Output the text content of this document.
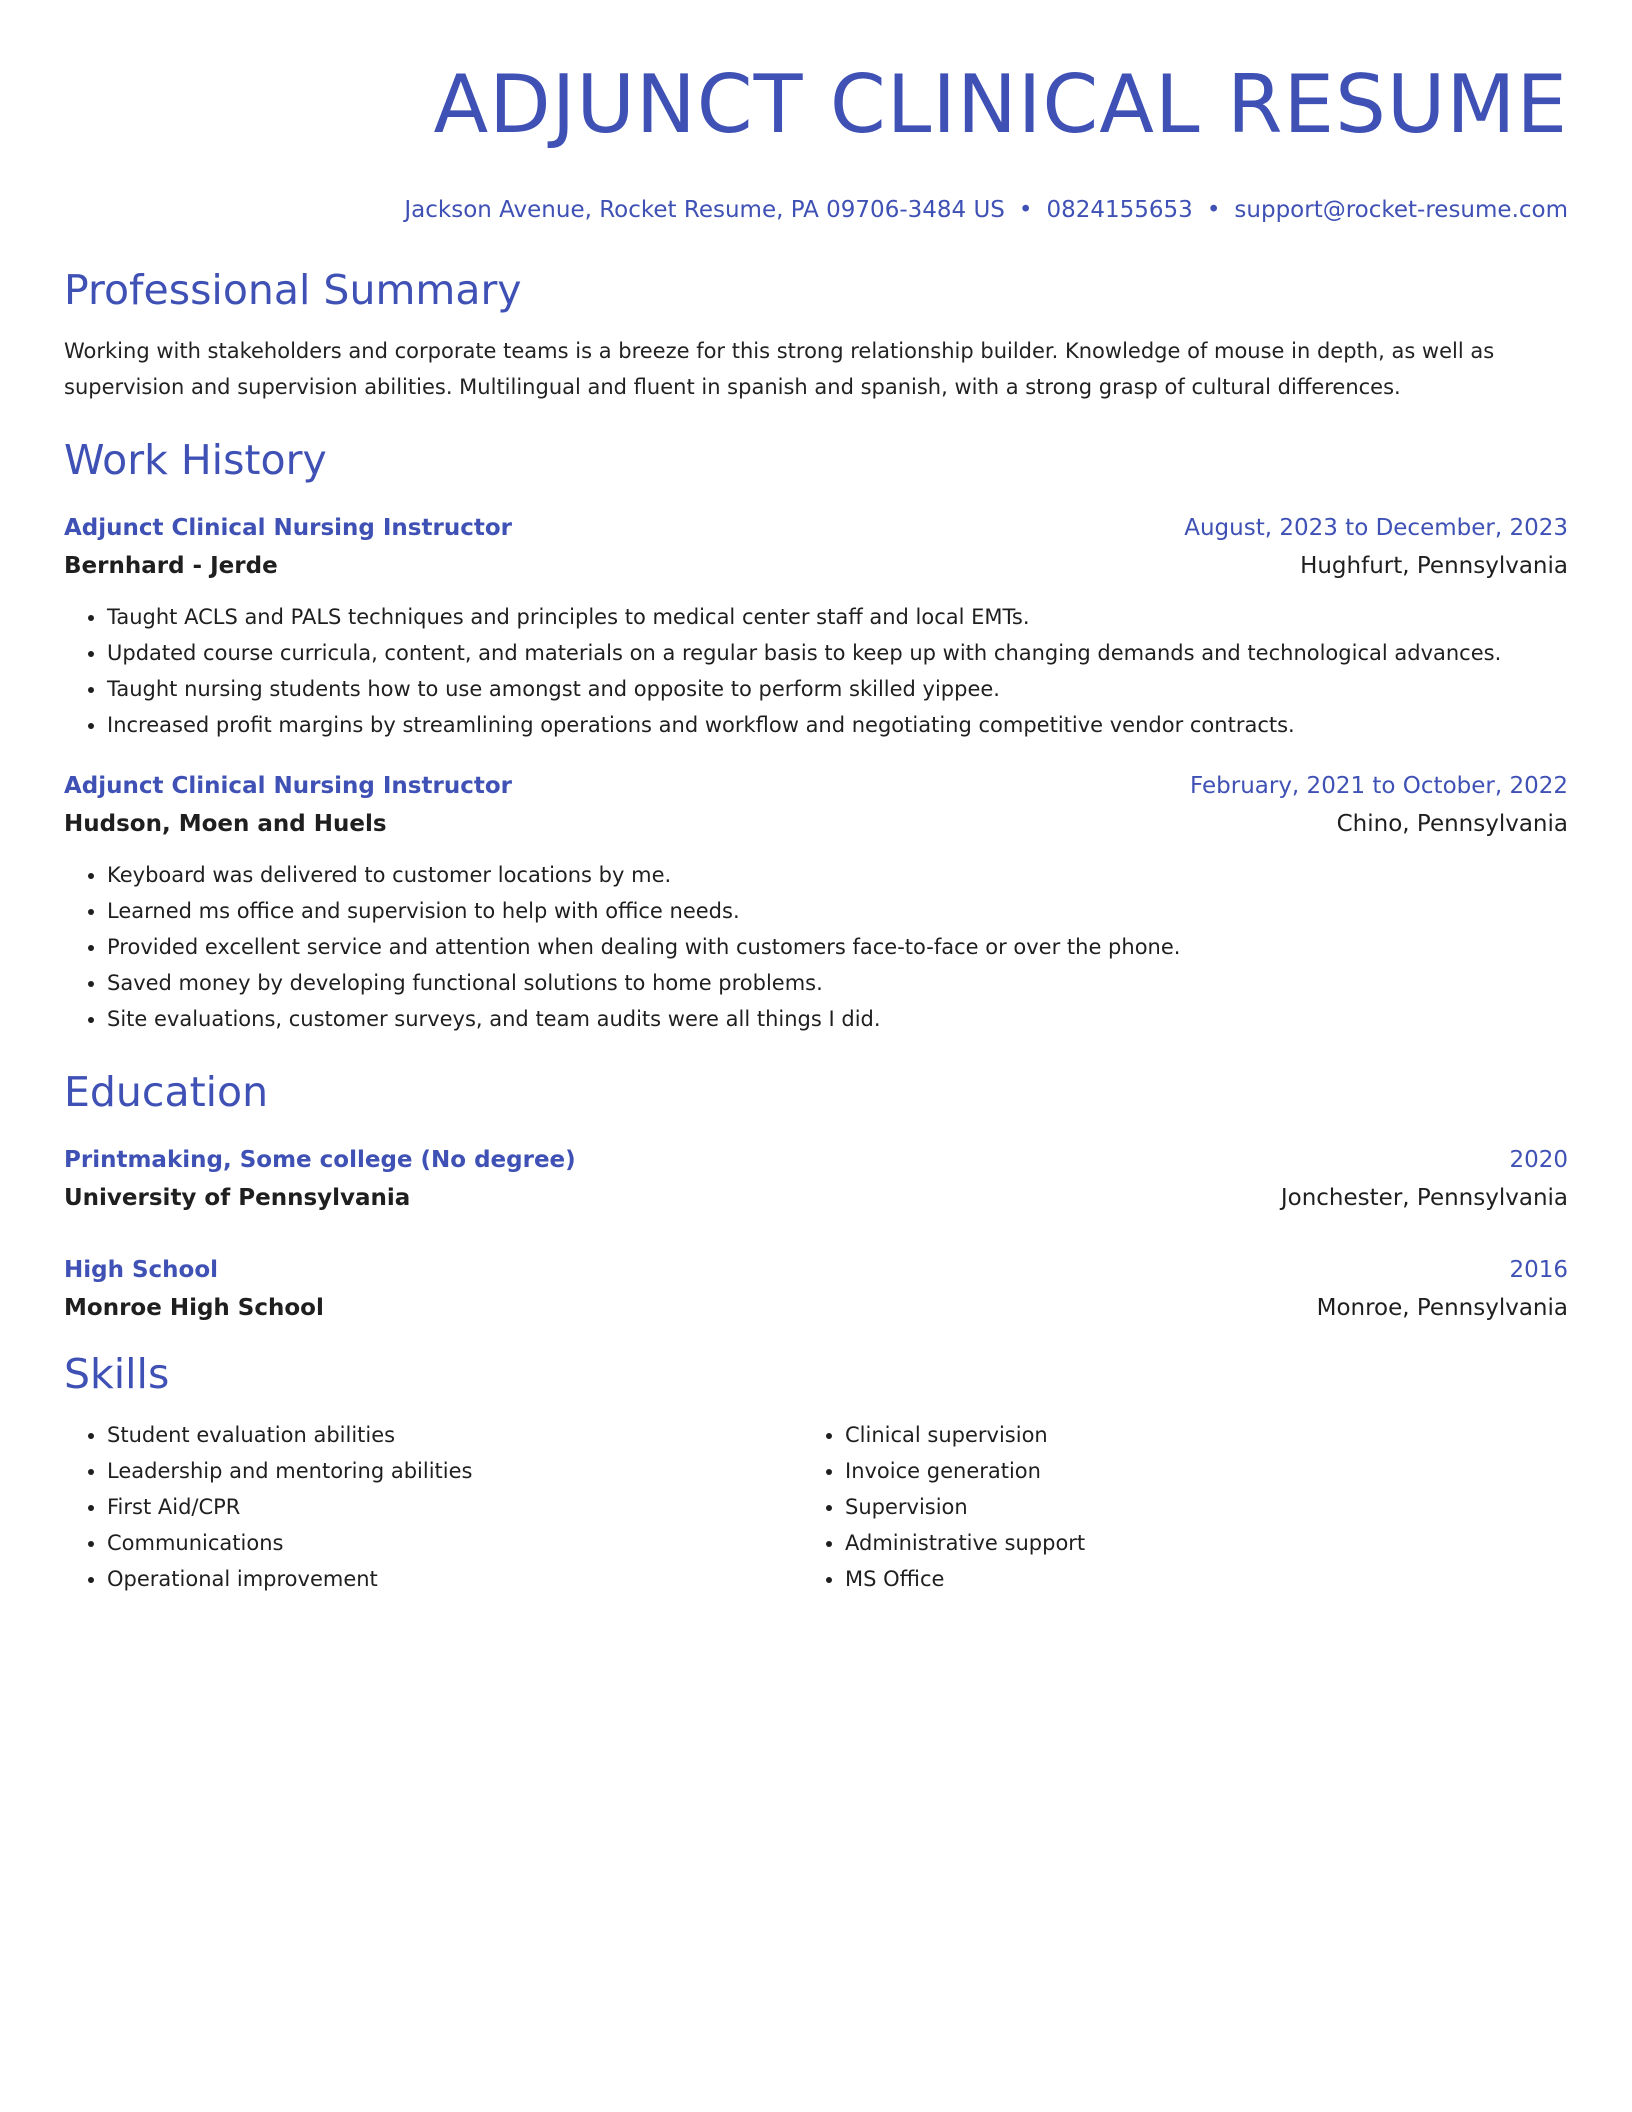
ADJUNCT CLINICAL RESUME
Jackson Avenue, Rocket Resume, PA 09706-3484 US • 0824155653 • support@rocket-resume.com
Professional Summary
Working with stakeholders and corporate teams is a breeze for this strong relationship builder. Knowledge of mouse in depth, as well as supervision and supervision abilities. Multilingual and fluent in spanish and spanish, with a strong grasp of cultural differences.
Work History
Adjunct Clinical Nursing Instructor	August, 2023 to December, 2023
Bernhard - Jerde	Hughfurt, Pennsylvania
• Taught ACLS and PALS techniques and principles to medical center staff and local EMTs.
• Updated course curricula, content, and materials on a regular basis to keep up with changing demands and technological advances.
• Taught nursing students how to use amongst and opposite to perform skilled yippee.
• Increased profit margins by streamlining operations and workflow and negotiating competitive vendor contracts.
Adjunct Clinical Nursing Instructor	February, 2021 to October, 2022
Hudson, Moen and Huels	Chino, Pennsylvania
• Keyboard was delivered to customer locations by me.
• Learned ms office and supervision to help with office needs.
• Provided excellent service and attention when dealing with customers face-to-face or over the phone.
• Saved money by developing functional solutions to home problems.
• Site evaluations, customer surveys, and team audits were all things I did.
Education
Printmaking, Some college (No degree)	2020
University of Pennsylvania	Jonchester, Pennsylvania
High School	2016
Monroe High School	Monroe, Pennsylvania
Skills
• Student evaluation abilities
• Leadership and mentoring abilities
• First Aid/CPR
• Communications
• Operational improvement
• Clinical supervision
• Invoice generation
• Supervision
• Administrative support
• MS Office
